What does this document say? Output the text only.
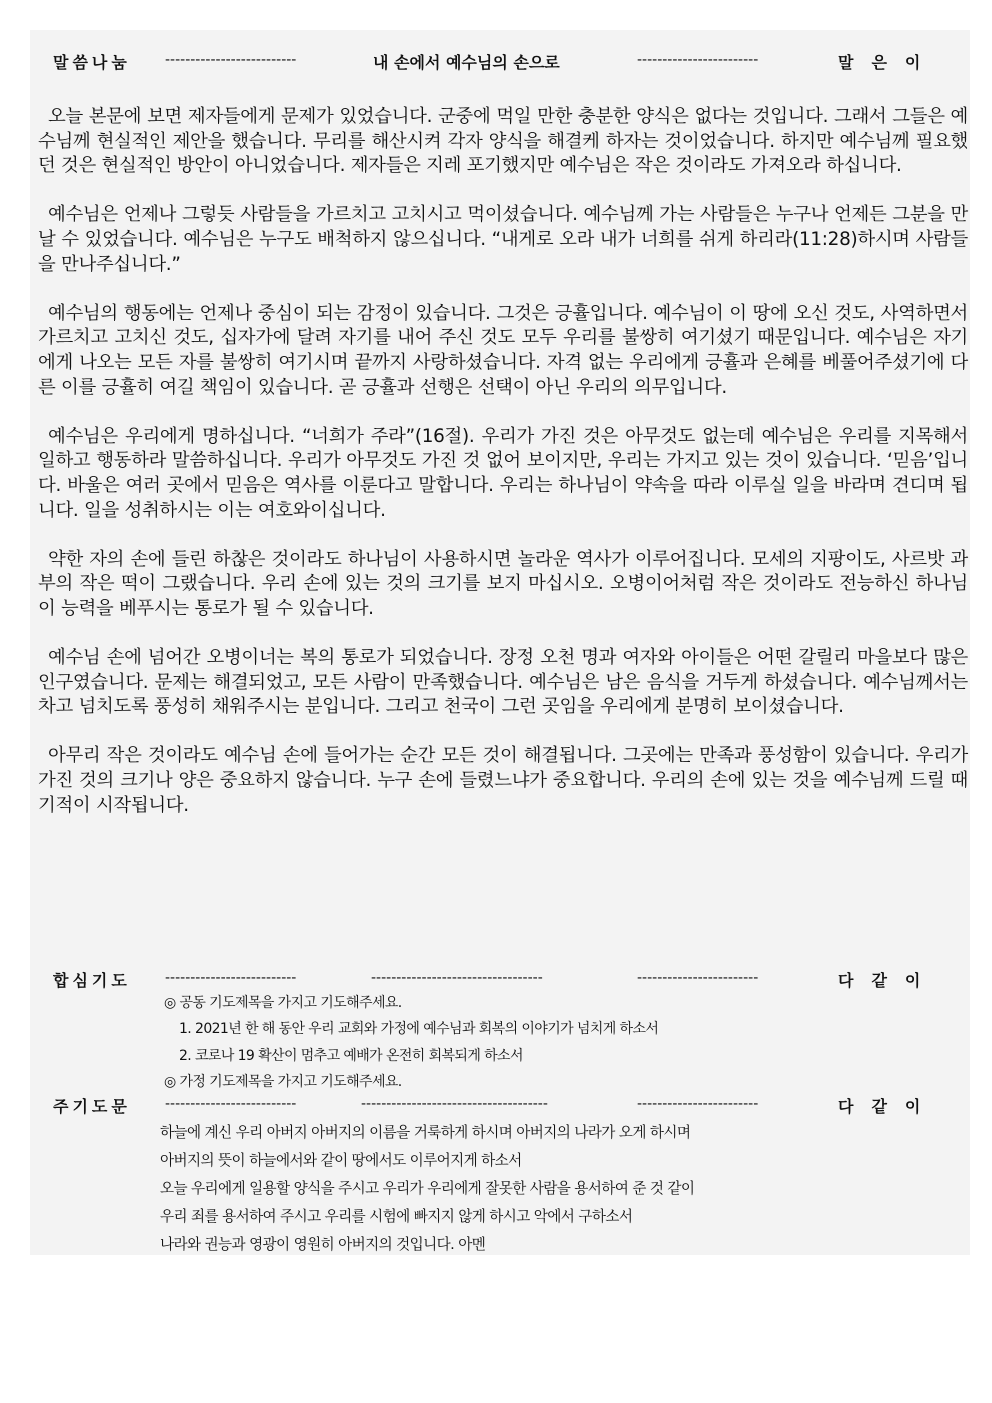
말씀나눔 --------------------------	내 손에서 예수님의 손으로	------------------------	말은이

오늘 본문에 보면 제자들에게 문제가 있었습니다. 군중에 먹일 만한 충분한 양식은 없다는 것입니다. 그래서 그들은 예수님께 현실적인 제안을 했습니다. 무리를 해산시켜 각자 양식을 해결케 하자는 것이었습니다. 하지만 예수님께 필요했던 것은 현실적인 방안이 아니었습니다. 제자들은 지레 포기했지만 예수님은 작은 것이라도 가져오라 하십니다.

예수님은 언제나 그렇듯 사람들을 가르치고 고치시고 먹이셨습니다. 예수님께 가는 사람들은 누구나 언제든 그분을 만날 수 있었습니다. 예수님은 누구도 배척하지 않으십니다. “내게로 오라 내가 너희를 쉬게 하리라(11:28)하시며 사람들을 만나주십니다.”

예수님의 행동에는 언제나 중심이 되는 감정이 있습니다. 그것은 긍휼입니다. 예수님이 이 땅에 오신 것도, 사역하면서 가르치고 고치신 것도, 십자가에 달려 자기를 내어 주신 것도 모두 우리를 불쌍히 여기셨기 때문입니다. 예수님은 자기에게 나오는 모든 자를 불쌍히 여기시며 끝까지 사랑하셨습니다. 자격 없는 우리에게 긍휼과 은혜를 베풀어주셨기에 다른 이를 긍휼히 여길 책임이 있습니다. 곧 긍휼과 선행은 선택이 아닌 우리의 의무입니다.

예수님은 우리에게 명하십니다. “너희가 주라”(16절). 우리가 가진 것은 아무것도 없는데 예수님은 우리를 지목해서 일하고 행동하라 말씀하십니다. 우리가 아무것도 가진 것 없어 보이지만, 우리는 가지고 있는 것이 있습니다. ‘믿음’입니다. 바울은 여러 곳에서 믿음은 역사를 이룬다고 말합니다. 우리는 하나님이 약속을 따라 이루실 일을 바라며 견디며 됩니다. 일을 성취하시는 이는 여호와이십니다.

약한 자의 손에 들린 하찮은 것이라도 하나님이 사용하시면 놀라운 역사가 이루어집니다. 모세의 지팡이도, 사르밧 과부의 작은 떡이 그랬습니다. 우리 손에 있는 것의 크기를 보지 마십시오. 오병이어처럼 작은 것이라도 전능하신 하나님이 능력을 베푸시는 통로가 될 수 있습니다.

예수님 손에 넘어간 오병이너는 복의 통로가 되었습니다. 장정 오천 명과 여자와 아이들은 어떤 갈릴리 마을보다 많은 인구였습니다. 문제는 해결되었고, 모든 사람이 만족했습니다. 예수님은 남은 음식을 거두게 하셨습니다. 예수님께서는 차고 넘치도록 풍성히 채워주시는 분입니다. 그리고 천국이 그런 곳임을 우리에게 분명히 보이셨습니다.

아무리 작은 것이라도 예수님 손에 들어가는 순간 모든 것이 해결됩니다. 그곳에는 만족과 풍성함이 있습니다. 우리가 가진 것의 크기나 양은 중요하지 않습니다. 누구 손에 들렸느냐가 중요합니다. 우리의 손에 있는 것을 예수님께 드릴 때 기적이 시작됩니다.

합심기도 --------------------------	----------------------------------	------------------------	다같이
◎ 공동 기도제목을 가지고 기도해주세요.
1. 2021년 한 해 동안 우리 교회와 가정에 예수님과 회복의 이야기가 넘치게 하소서
2. 코로나 19 확산이 멈추고 예배가 온전히 회복되게 하소서
◎ 가정 기도제목을 가지고 기도해주세요.
주기도문 --------------------------	-------------------------------------	------------------------	다같이
하늘에 계신 우리 아버지 아버지의 이름을 거룩하게 하시며 아버지의 나라가 오게 하시며
아버지의 뜻이 하늘에서와 같이 땅에서도 이루어지게 하소서
오늘 우리에게 일용할 양식을 주시고 우리가 우리에게 잘못한 사람을 용서하여 준 것 같이
우리 죄를 용서하여 주시고 우리를 시험에 빠지지 않게 하시고 악에서 구하소서
나라와 권능과 영광이 영원히 아버지의 것입니다. 아멘
